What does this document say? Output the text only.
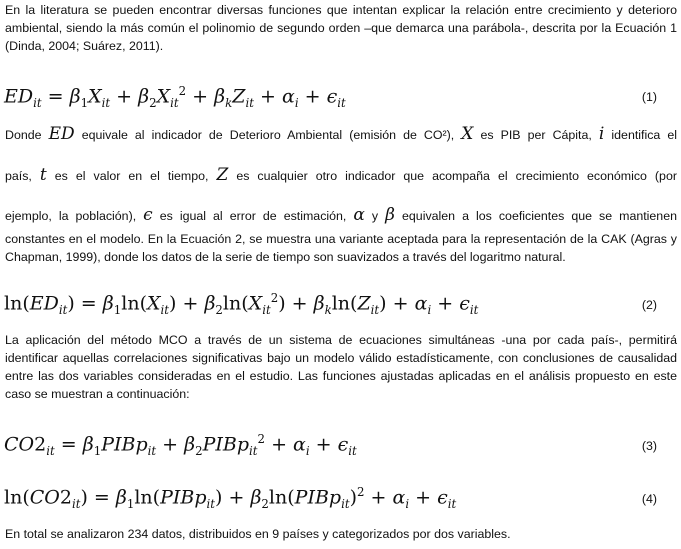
En la literatura se pueden encontrar diversas funciones que intentan explicar la relación entre crecimiento y deterioro ambiental, siendo la más común el polinomio de segundo orden –que demarca una parábola-, descrita por la Ecuación 1 (Dinda, 2004; Suárez, 2011).
$ED_{it} = \beta_1X_{it} + \beta_2X_{it}^2 + \beta_kZ_{it} + \alpha_i + \epsilon_{it}$	(1)
Donde ED equivale al indicador de Deterioro Ambiental (emisión de CO²), X es PIB per Cápita, i identifica el
país, t es el valor en el tiempo, Z es cualquier otro indicador que acompaña el crecimiento económico (por
ejemplo, la población), ϵ es igual al error de estimación, α y β equivalen a los coeficientes que se mantienen
constantes en el modelo. En la Ecuación 2, se muestra una variante aceptada para la representación de la CAK (Agras y Chapman, 1999), donde los datos de la serie de tiempo son suavizados a través del logaritmo natural.
$\ln(ED_{it}) = \beta_1\ln(X_{it}) + \beta_2\ln(X_{it}^2) + \beta_k\ln(Z_{it}) + \alpha_i + \epsilon_{it}$	(2)
La aplicación del método MCO a través de un sistema de ecuaciones simultáneas -una por cada país-, permitirá identificar aquellas correlaciones significativas bajo un modelo válido estadísticamente, con conclusiones de causalidad entre las dos variables consideradas en el estudio. Las funciones ajustadas aplicadas en el análisis propuesto en este caso se muestran a continuación:
$CO2_{it}$ = $\beta_1PIBp_{it}$ + $\beta_2PIBp_{it}^2 + \alpha_i + \epsilon_{it}$	(3)
$\ln(CO2_{it})$ = $\beta_1\ln(PIBp_{it})$ + $\beta_2\ln(PIBp_{it})^2 + \alpha_i + \epsilon_{it}$	(4)
En total se analizaron 234 datos, distribuidos en 9 países y categorizados por dos variables.
